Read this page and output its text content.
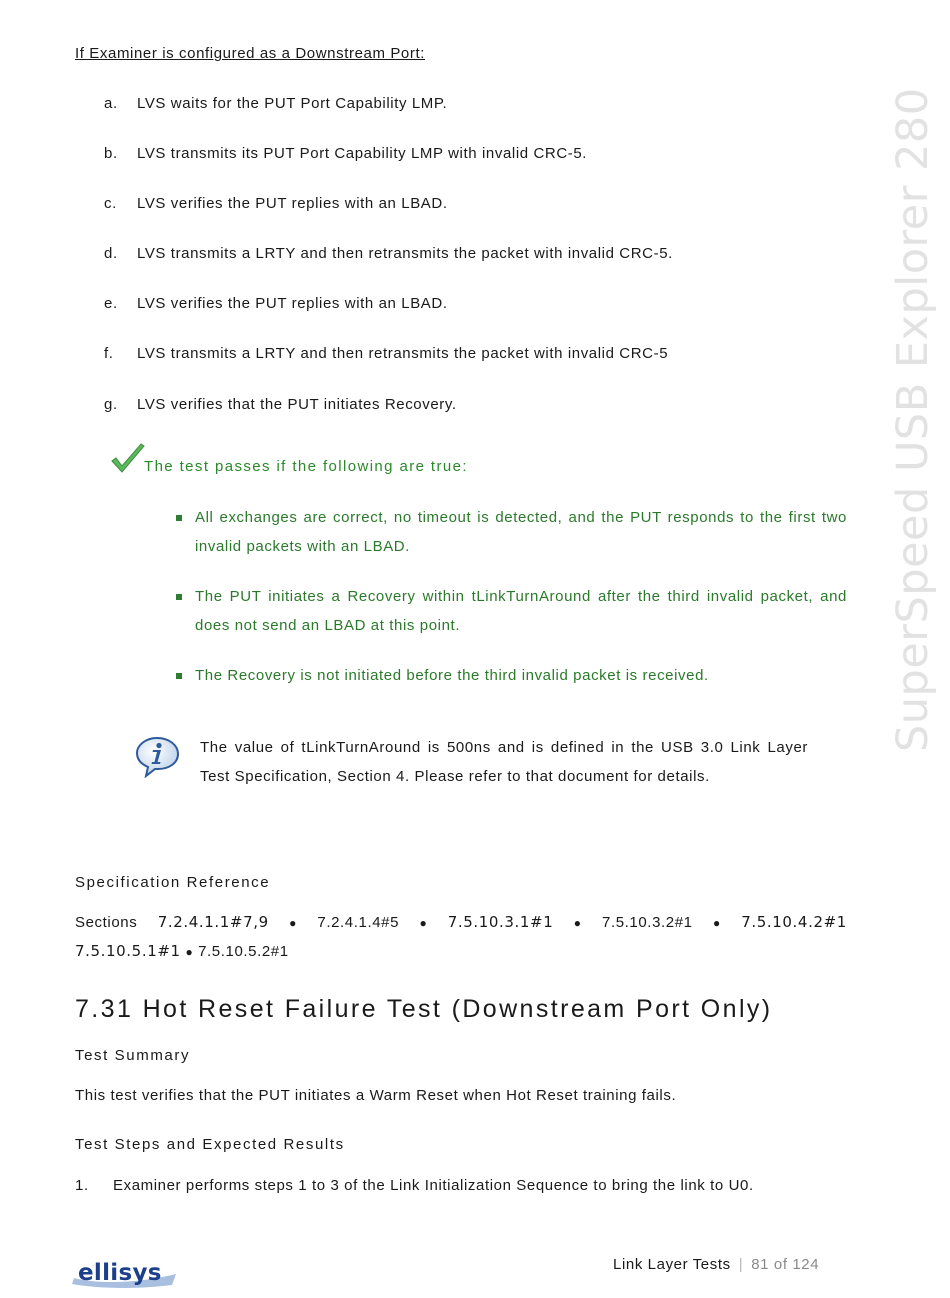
SuperSpeed USB Explorer 280
If Examiner is configured as a Downstream Port:
a.	LVS waits for the PUT Port Capability LMP.
b.	LVS transmits its PUT Port Capability LMP with invalid CRC-5.
c.	LVS verifies the PUT replies with an LBAD.
d.	LVS transmits a LRTY and then retransmits the packet with invalid CRC-5.
e.	LVS verifies the PUT replies with an LBAD.
f.	LVS transmits a LRTY and then retransmits the packet with invalid CRC-5
g.	LVS verifies that the PUT initiates Recovery.
The test passes if the following are true:
All exchanges are correct, no timeout is detected, and the PUT responds to the first two invalid packets with an LBAD.
The PUT initiates a Recovery within tLinkTurnAround after the third invalid packet, and does not send an LBAD at this point.
The Recovery is not initiated before the third invalid packet is received.
The value of tLinkTurnAround is 500ns and is defined in the USB 3.0 Link Layer Test Specification, Section 4. Please refer to that document for details.
Specification Reference
Sections 7.2.4.1.1#7,9 ● 7.2.4.1.4#5 ● 7.5.10.3.1#1 ● 7.5.10.3.2#1 ● 7.5.10.4.2#1
7.5.10.5.1#1 ● 7.5.10.5.2#1
7.31 Hot Reset Failure Test (Downstream Port Only)
Test Summary
This test verifies that the PUT initiates a Warm Reset when Hot Reset training fails.
Test Steps and Expected Results
1. Examiner performs steps 1 to 3 of the Link Initialization Sequence to bring the link to U0.
ellisys	Link Layer Tests | 81 of 124
